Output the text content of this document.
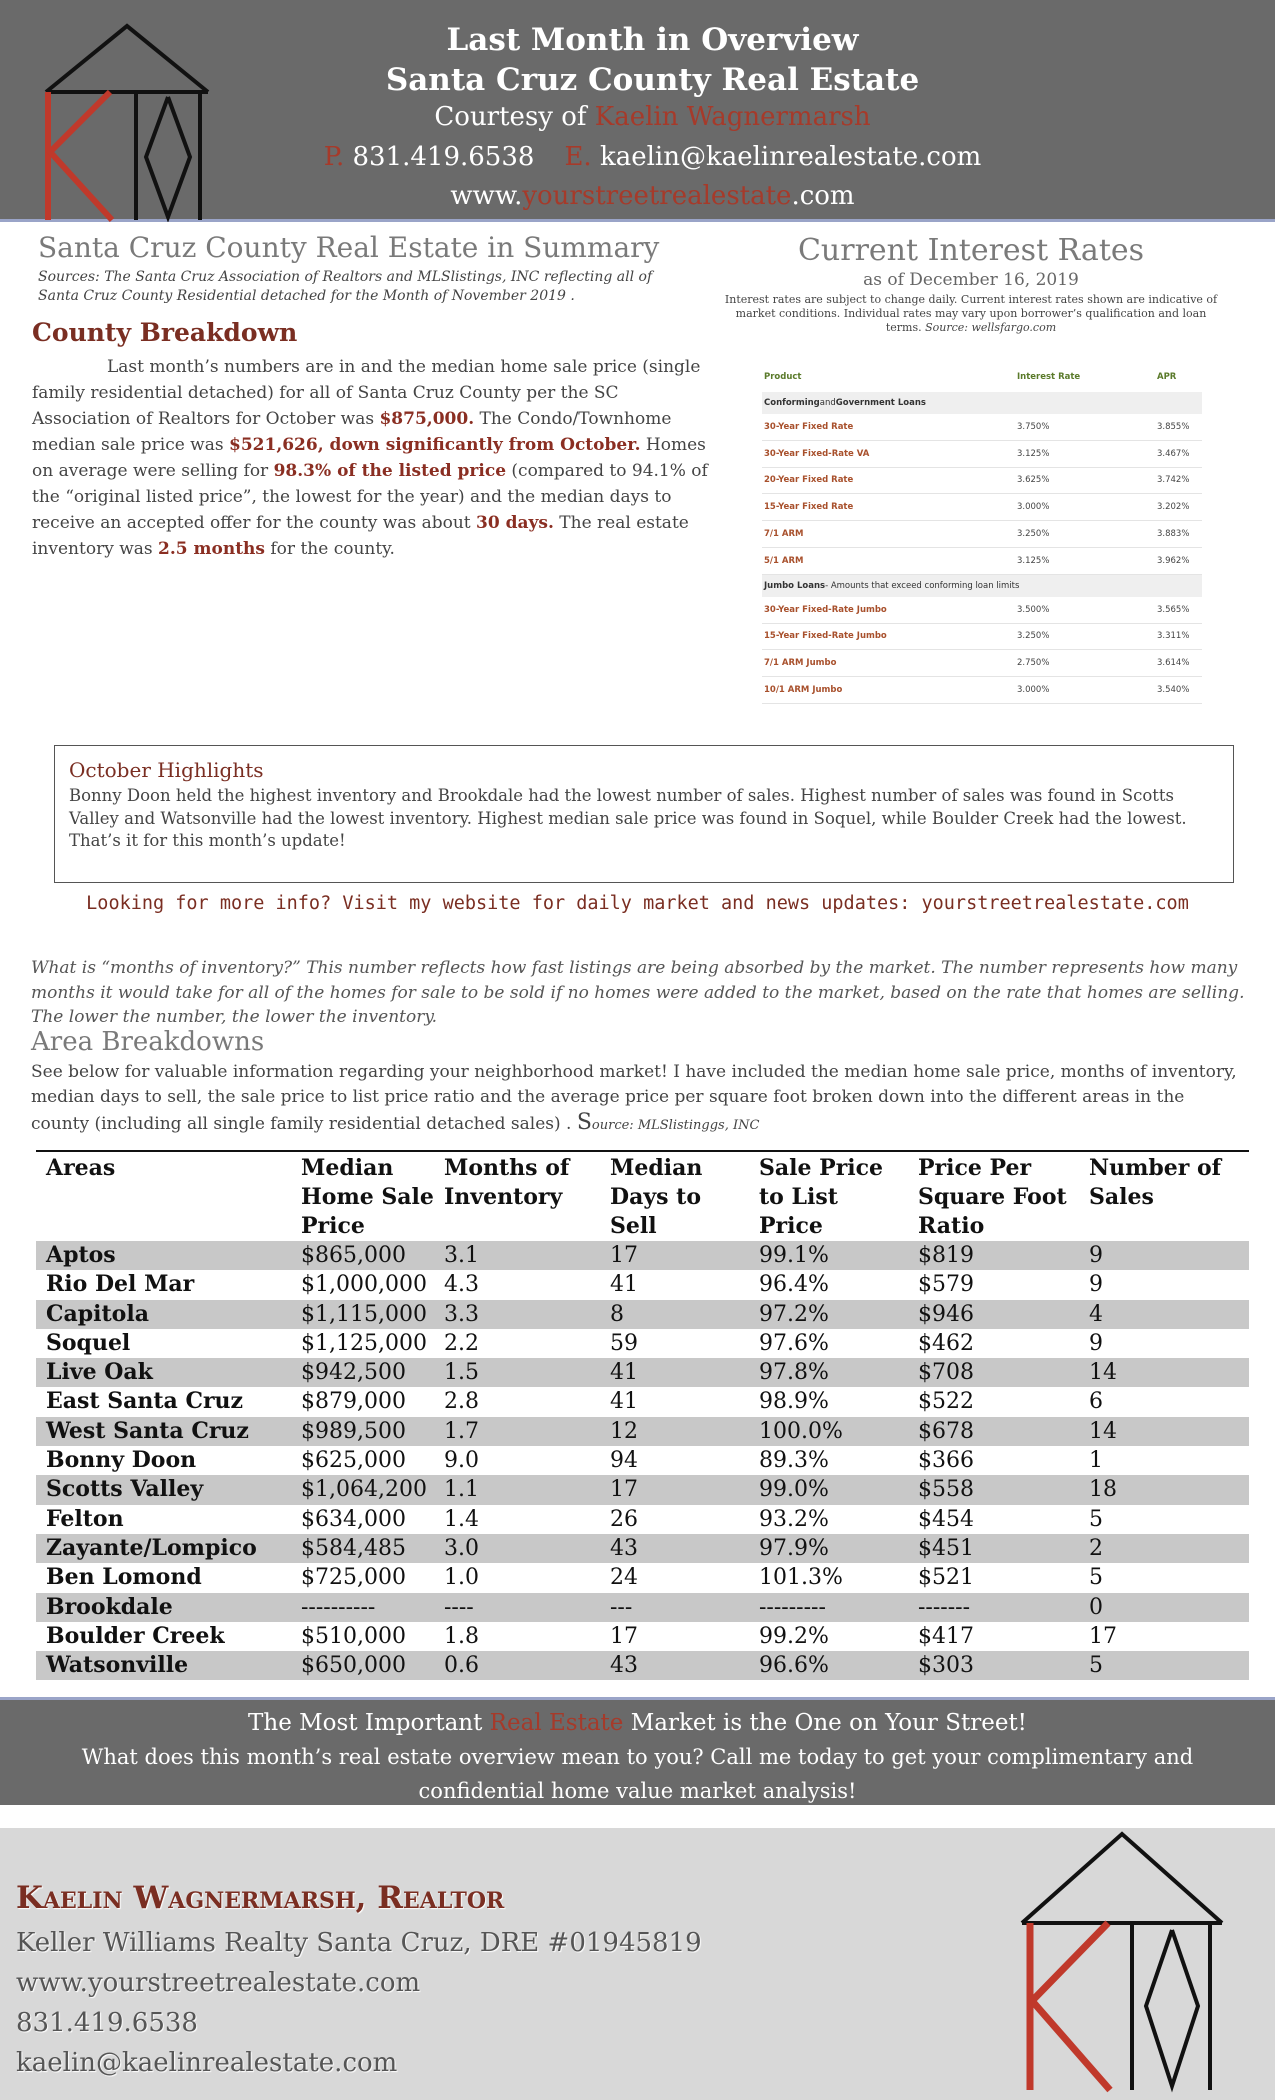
Last Month in Overview
Santa Cruz County Real Estate
Courtesy of Kaelin Wagnermarsh
P. 831.419.6538 E. kaelin@kaelinrealestate.com
www.yourstreetrealestate.com
Santa Cruz County Real Estate in Summary
Sources: The Santa Cruz Association of Realtors and MLSlistings, INC reflecting all of Santa Cruz County Residential detached for the Month of November 2019 .
County Breakdown
Last month’s numbers are in and the median home sale price (single family residential detached) for all of Santa Cruz County per the SC Association of Realtors for October was $875,000. The Condo/Townhome median sale price was $521,626, down significantly from October. Homes on average were selling for 98.3% of the listed price (compared to 94.1% of the “original listed price”, the lowest for the year) and the median days to receive an accepted offer for the county was about 30 days. The real estate inventory was 2.5 months for the county.
Current Interest Rates
as of December 16, 2019
Interest rates are subject to change daily. Current interest rates shown are indicative of market conditions. Individual rates may vary upon borrower’s qualification and loan terms. Source: wellsfargo.com
Product	Interest Rate	APR
Conforming and Government Loans
30-Year Fixed Rate	3.750%	3.855%
30-Year Fixed-Rate VA	3.125%	3.467%
20-Year Fixed Rate	3.625%	3.742%
15-Year Fixed Rate	3.000%	3.202%
7/1 ARM	3.250%	3.883%
5/1 ARM	3.125%	3.962%
Jumbo Loans - Amounts that exceed conforming loan limits
30-Year Fixed-Rate Jumbo	3.500%	3.565%
15-Year Fixed-Rate Jumbo	3.250%	3.311%
7/1 ARM Jumbo	2.750%	3.614%
10/1 ARM Jumbo	3.000%	3.540%
October Highlights
Bonny Doon held the highest inventory and Brookdale had the lowest number of sales. Highest number of sales was found in Scotts Valley and Watsonville had the lowest inventory. Highest median sale price was found in Soquel, while Boulder Creek had the lowest. That’s it for this month’s update!
Looking for more info? Visit my website for daily market and news updates: yourstreetrealestate.com
What is “months of inventory?” This number reflects how fast listings are being absorbed by the market. The number represents how many months it would take for all of the homes for sale to be sold if no homes were added to the market, based on the rate that homes are selling. The lower the number, the lower the inventory.
Area Breakdowns
See below for valuable information regarding your neighborhood market! I have included the median home sale price, months of inventory, median days to sell, the sale price to list price ratio and the average price per square foot broken down into the different areas in the county (including all single family residential detached sales) . Source: MLSlistinggs, INC
Areas	Median Home Sale Price	Months of Inventory	Median Days to Sell	Sale Price to List Price	Price Per Square Foot Ratio	Number of Sales
Aptos	$865,000	3.1	17	99.1%	$819	9
Rio Del Mar	$1,000,000	4.3	41	96.4%	$579	9
Capitola	$1,115,000	3.3	8	97.2%	$946	4
Soquel	$1,125,000	2.2	59	97.6%	$462	9
Live Oak	$942,500	1.5	41	97.8%	$708	14
East Santa Cruz	$879,000	2.8	41	98.9%	$522	6
West Santa Cruz	$989,500	1.7	12	100.0%	$678	14
Bonny Doon	$625,000	9.0	94	89.3%	$366	1
Scotts Valley	$1,064,200	1.1	17	99.0%	$558	18
Felton	$634,000	1.4	26	93.2%	$454	5
Zayante/Lompico	$584,485	3.0	43	97.9%	$451	2
Ben Lomond	$725,000	1.0	24	101.3%	$521	5
Brookdale	----------	----	---	---------	-------	0
Boulder Creek	$510,000	1.8	17	99.2%	$417	17
Watsonville	$650,000	0.6	43	96.6%	$303	5
The Most Important Real Estate Market is the One on Your Street!
What does this month’s real estate overview mean to you? Call me today to get your complimentary and confidential home value market analysis!
Kaelin Wagnermarsh, Realtor
Keller Williams Realty Santa Cruz, DRE #01945819
www.yourstreetrealestate.com
831.419.6538
kaelin@kaelinrealestate.com
